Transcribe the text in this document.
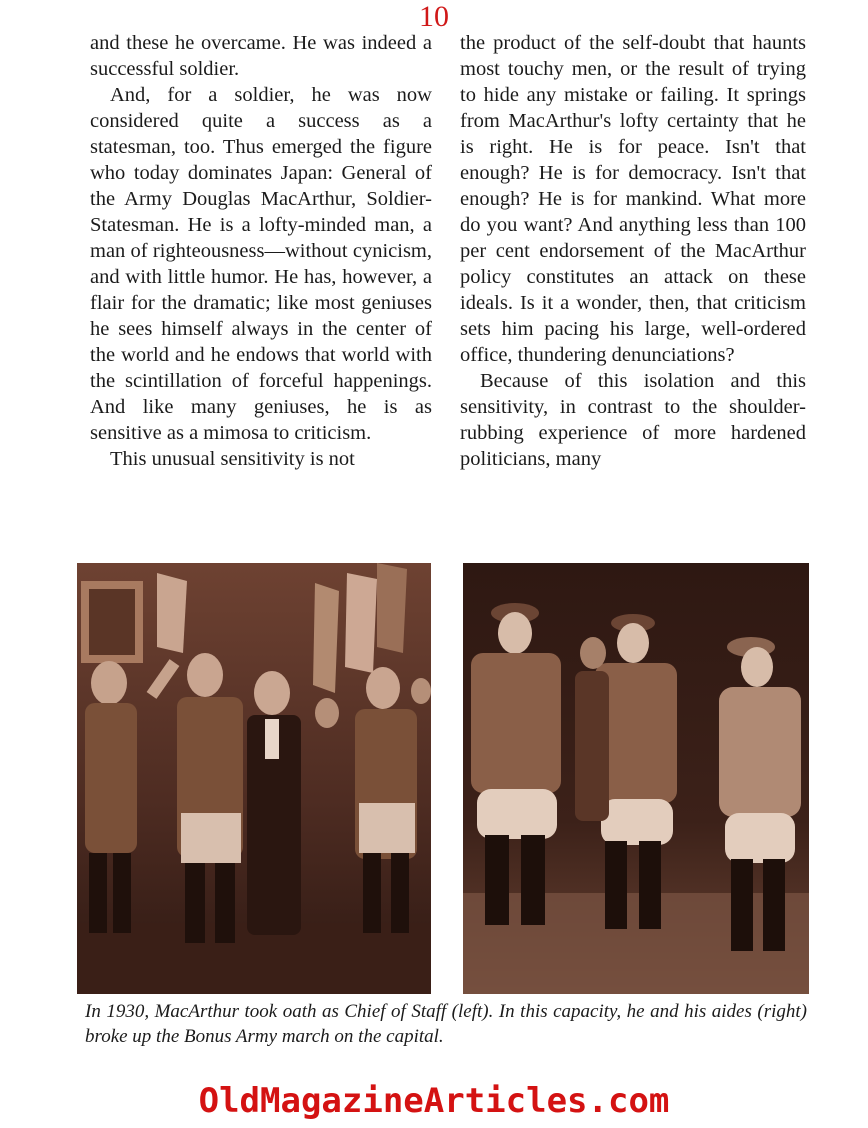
10

and these he overcame. He was indeed a successful soldier.

And, for a soldier, he was now considered quite a success as a statesman, too. Thus emerged the figure who today dominates Japan: General of the Army Douglas MacArthur, Soldier-Statesman. He is a lofty-minded man, a man of righteousness—without cynicism, and with little humor. He has, however, a flair for the dramatic; like most geniuses he sees himself always in the center of the world and he endows that world with the scintillation of forceful happenings. And like many geniuses, he is as sensitive as a mimosa to criticism.

This unusual sensitivity is not

the product of the self-doubt that haunts most touchy men, or the result of trying to hide any mistake or failing. It springs from MacArthur's lofty certainty that he is right. He is for peace. Isn't that enough? He is for democracy. Isn't that enough? He is for mankind. What more do you want? And anything less than 100 per cent endorsement of the MacArthur policy constitutes an attack on these ideals. Is it a wonder, then, that criticism sets him pacing his large, well-ordered office, thundering denunciations?

Because of this isolation and this sensitivity, in contrast to the shoulder-rubbing experience of more hardened politicians, many

In 1930, MacArthur took oath as Chief of Staff (left). In this capacity, he and his aides (right) broke up the Bonus Army march on the capital.
OldMagazineArticles.com
